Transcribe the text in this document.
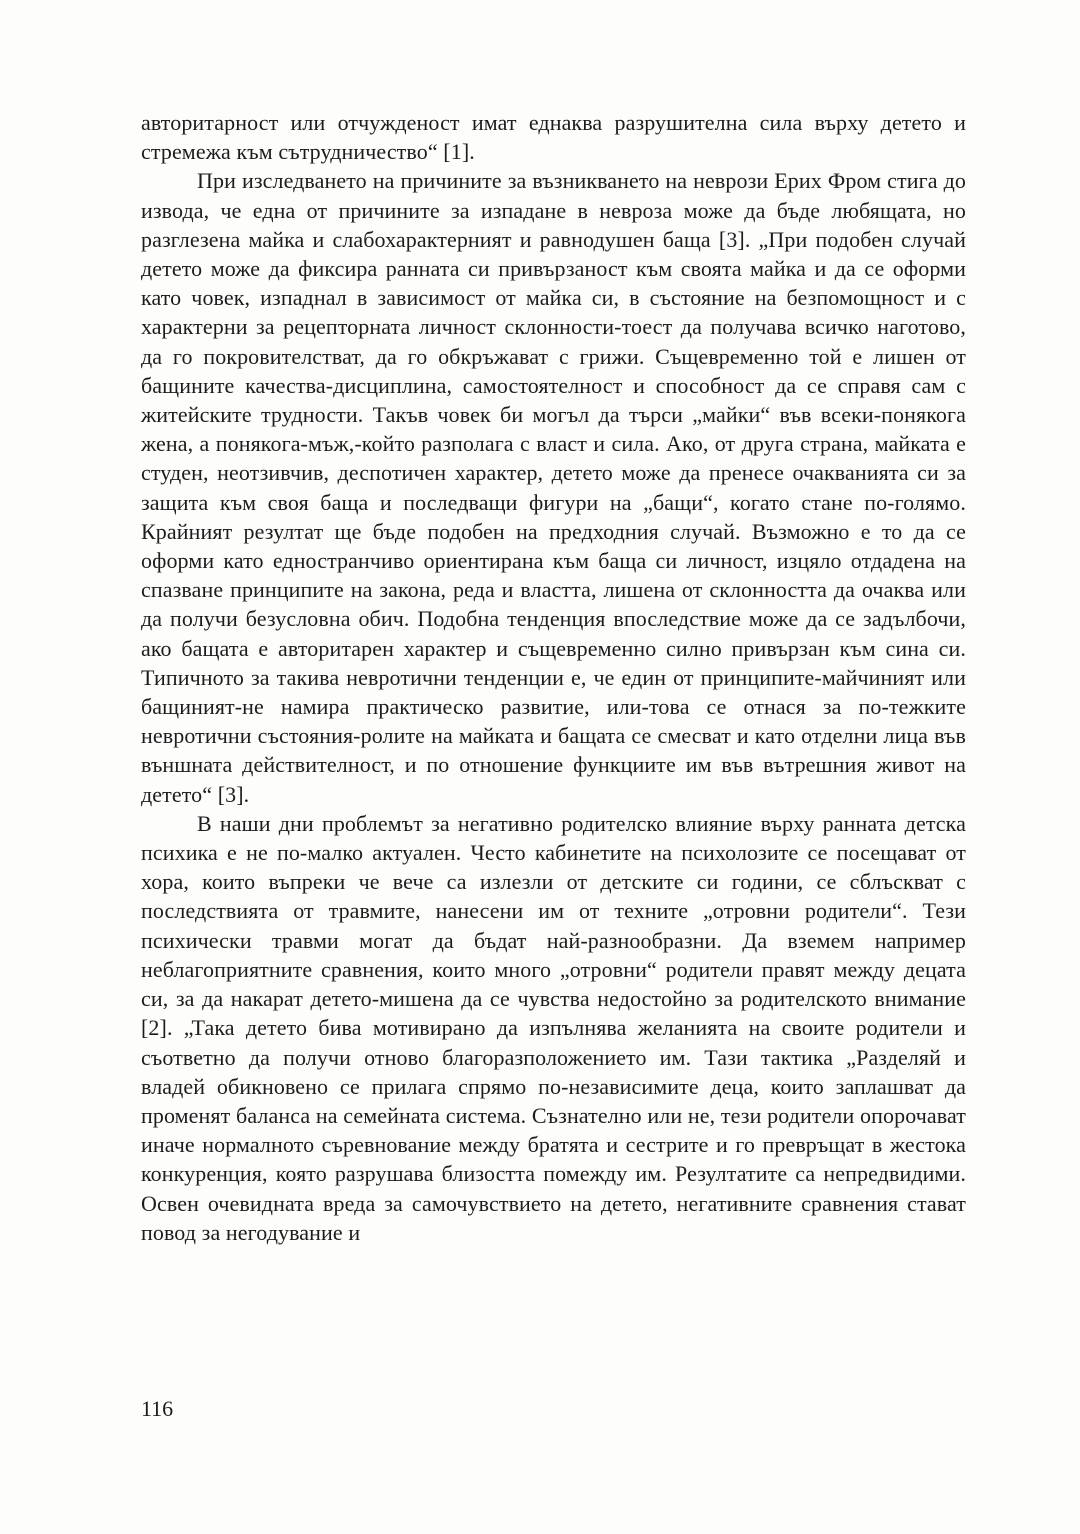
авторитарност или отчужденост имат еднаква разрушителна сила върху детето и стремежа към сътрудничество“ [1].

При изследването на причините за възникването на неврози Ерих Фром стига до извода, че една от причините за изпадане в невроза може да бъде любящата, но разглезена майка и слабохарактерният и равнодушен баща [3]. „При подобен случай детето може да фиксира ранната си привързаност към своята майка и да се оформи като човек, изпаднал в зависимост от майка си, в състояние на безпомощност и с характерни за рецепторната личност склонности-тоест да получава всичко наготово, да го покровителстват, да го обкръжават с грижи. Същевременно той е лишен от бащините качества-дисциплина, самостоятелност и способност да се справя сам с житейските трудности. Такъв човек би могъл да търси „майки“ във всеки-понякога жена, а понякога-мъж,-който разполага с власт и сила. Ако, от друга страна, майката е студен, неотзивчив, деспотичен характер, детето може да пренесе очакванията си за защита към своя баща и последващи фигури на „бащи“, когато стане по-голямо. Крайният резултат ще бъде подобен на предходния случай. Възможно е то да се оформи като едностранчиво ориентирана към баща си личност, изцяло отдадена на спазване принципите на закона, реда и властта, лишена от склонността да очаква или да получи безусловна обич. Подобна тенденция впоследствие може да се задълбочи, ако бащата е авторитарен характер и същевременно силно привързан към сина си. Типичното за такива невротични тенденции е, че един от принципите-майчиният или бащиният-не намира практическо развитие, или-това се отнася за по-тежките невротични състояния-ролите на майката и бащата се смесват и като отделни лица във външната действителност, и по отношение функциите им във вътрешния живот на детето“ [3].

В наши дни проблемът за негативно родителско влияние върху ранната детска психика е не по-малко актуален. Често кабинетите на психолозите се посещават от хора, които въпреки че вече са излезли от детските си години, се сблъскват с последствията от травмите, нанесени им от техните „отровни родители“. Тези психически травми могат да бъдат най-разнообразни. Да вземем например неблагоприятните сравнения, които много „отровни“ родители правят между децата си, за да накарат детето-мишена да се чувства недостойно за родителското внимание [2]. „Така детето бива мотивирано да изпълнява желанията на своите родители и съответно да получи отново благоразположението им. Тази тактика „Разделяй и владей обикновено се прилага спрямо по-независимите деца, които заплашват да променят баланса на семейната система. Съзнателно или не, тези родители опорочават иначе нормалното съревнование между братята и сестрите и го превръщат в жестока конкуренция, която разрушава близостта помежду им. Резултатите са непредвидими. Освен очевидната вреда за самочувствието на детето, негативните сравнения стават повод за негодувание и

116
